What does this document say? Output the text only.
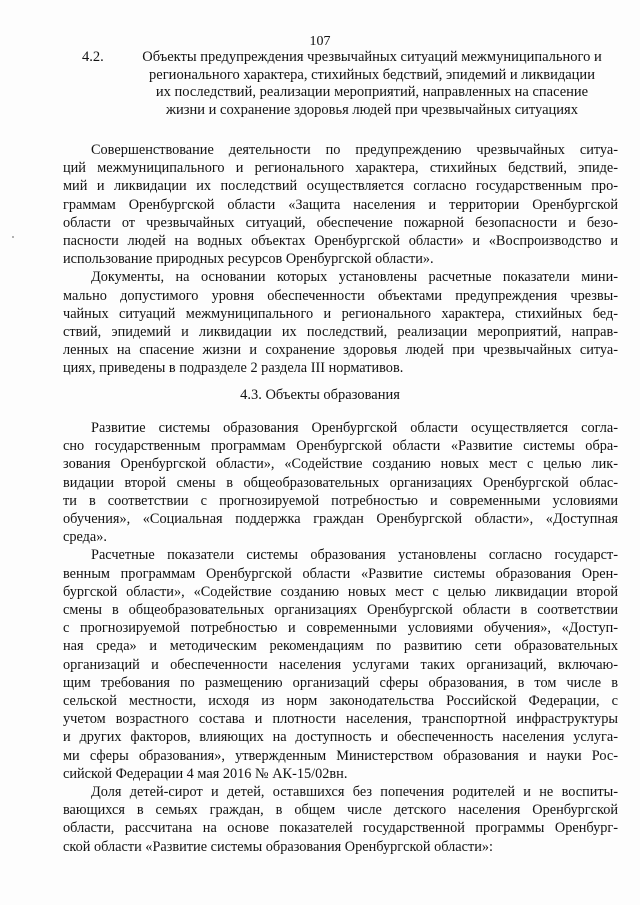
107
4.2.	Объекты предупреждения чрезвычайных ситуаций межмуниципального и
регионального характера, стихийных бедствий, эпидемий и ликвидации
их последствий, реализации мероприятий, направленных на спасение
жизни и сохранение здоровья людей при чрезвычайных ситуациях

Совершенствование деятельности по предупреждению чрезвычайных ситуа-
ций межмуниципального и регионального характера, стихийных бедствий, эпиде-
мий и ликвидации их последствий осуществляется согласно государственным про-
граммам Оренбургской области «Защита населения и территории Оренбургской
области от чрезвычайных ситуаций, обеспечение пожарной безопасности и безо-
пасности людей на водных объектах Оренбургской области» и «Воспроизводство и
использование природных ресурсов Оренбургской области».

Документы, на основании которых установлены расчетные показатели мини-
мально допустимого уровня обеспеченности объектами предупреждения чрезвы-
чайных ситуаций межмуниципального и регионального характера, стихийных бед-
ствий, эпидемий и ликвидации их последствий, реализации мероприятий, направ-
ленных на спасение жизни и сохранение здоровья людей при чрезвычайных ситуа-
циях, приведены в подразделе 2 раздела III нормативов.

4.3. Объекты образования

Развитие системы образования Оренбургской области осуществляется согла-
сно государственным программам Оренбургской области «Развитие системы обра-
зования Оренбургской области», «Содействие созданию новых мест с целью лик-
видации второй смены в общеобразовательных организациях Оренбургской облас-
ти в соответствии с прогнозируемой потребностью и современными условиями
обучения», «Социальная поддержка граждан Оренбургской области», «Доступная
среда».

Расчетные показатели системы образования установлены согласно государст-
венным программам Оренбургской области «Развитие системы образования Орен-
бургской области», «Содействие созданию новых мест с целью ликвидации второй
смены в общеобразовательных организациях Оренбургской области в соответствии
с прогнозируемой потребностью и современными условиями обучения», «Доступ-
ная среда» и методическим рекомендациям по развитию сети образовательных
организаций и обеспеченности населения услугами таких организаций, включаю-
щим требования по размещению организаций сферы образования, в том числе в
сельской местности, исходя из норм законодательства Российской Федерации, с
учетом возрастного состава и плотности населения, транспортной инфраструктуры
и других факторов, влияющих на доступность и обеспеченность населения услуга-
ми сферы образования», утвержденным Министерством образования и науки Рос-
сийской Федерации 4 мая 2016 № АК-15/02вн.

Доля детей-сирот и детей, оставшихся без попечения родителей и не воспиты-
вающихся в семьях граждан, в общем числе детского населения Оренбургской
области, рассчитана на основе показателей государственной программы Оренбург-
ской области «Развитие системы образования Оренбургской области»:
